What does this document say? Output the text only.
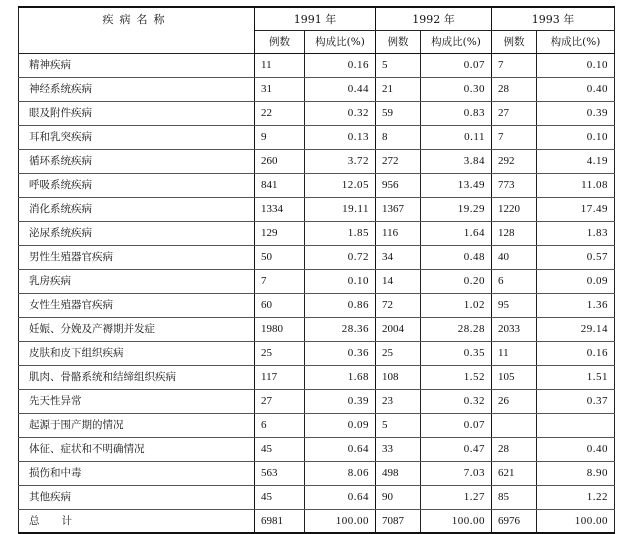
疾病名称	1991 年		1992 年		1993 年	
	例数	构成比(%)	例数	构成比(%)	例数	构成比(%)
精神疾病	11	0.16	5	0.07	7	0.10
神经系统疾病	31	0.44	21	0.30	28	0.40
眼及附件疾病	22	0.32	59	0.83	27	0.39
耳和乳突疾病	9	0.13	8	0.11	7	0.10
循环系统疾病	260	3.72	272	3.84	292	4.19
呼吸系统疾病	841	12.05	956	13.49	773	11.08
消化系统疾病	1334	19.11	1367	19.29	1220	17.49
泌尿系统疾病	129	1.85	116	1.64	128	1.83
男性生殖器官疾病	50	0.72	34	0.48	40	0.57
乳房疾病	7	0.10	14	0.20	6	0.09
女性生殖器官疾病	60	0.86	72	1.02	95	1.36
妊娠、分娩及产褥期并发症	1980	28.36	2004	28.28	2033	29.14
皮肤和皮下组织疾病	25	0.36	25	0.35	11	0.16
肌肉、骨骼系统和结缔组织疾病	117	1.68	108	1.52	105	1.51
先天性异常	27	0.39	23	0.32	26	0.37
起源于围产期的情况	6	0.09	5	0.07		
体征、症状和不明确情况	45	0.64	33	0.47	28	0.40
损伤和中毒	563	8.06	498	7.03	621	8.90
其他疾病	45	0.64	90	1.27	85	1.22
总计	6981	100.00	7087	100.00	6976	100.00
